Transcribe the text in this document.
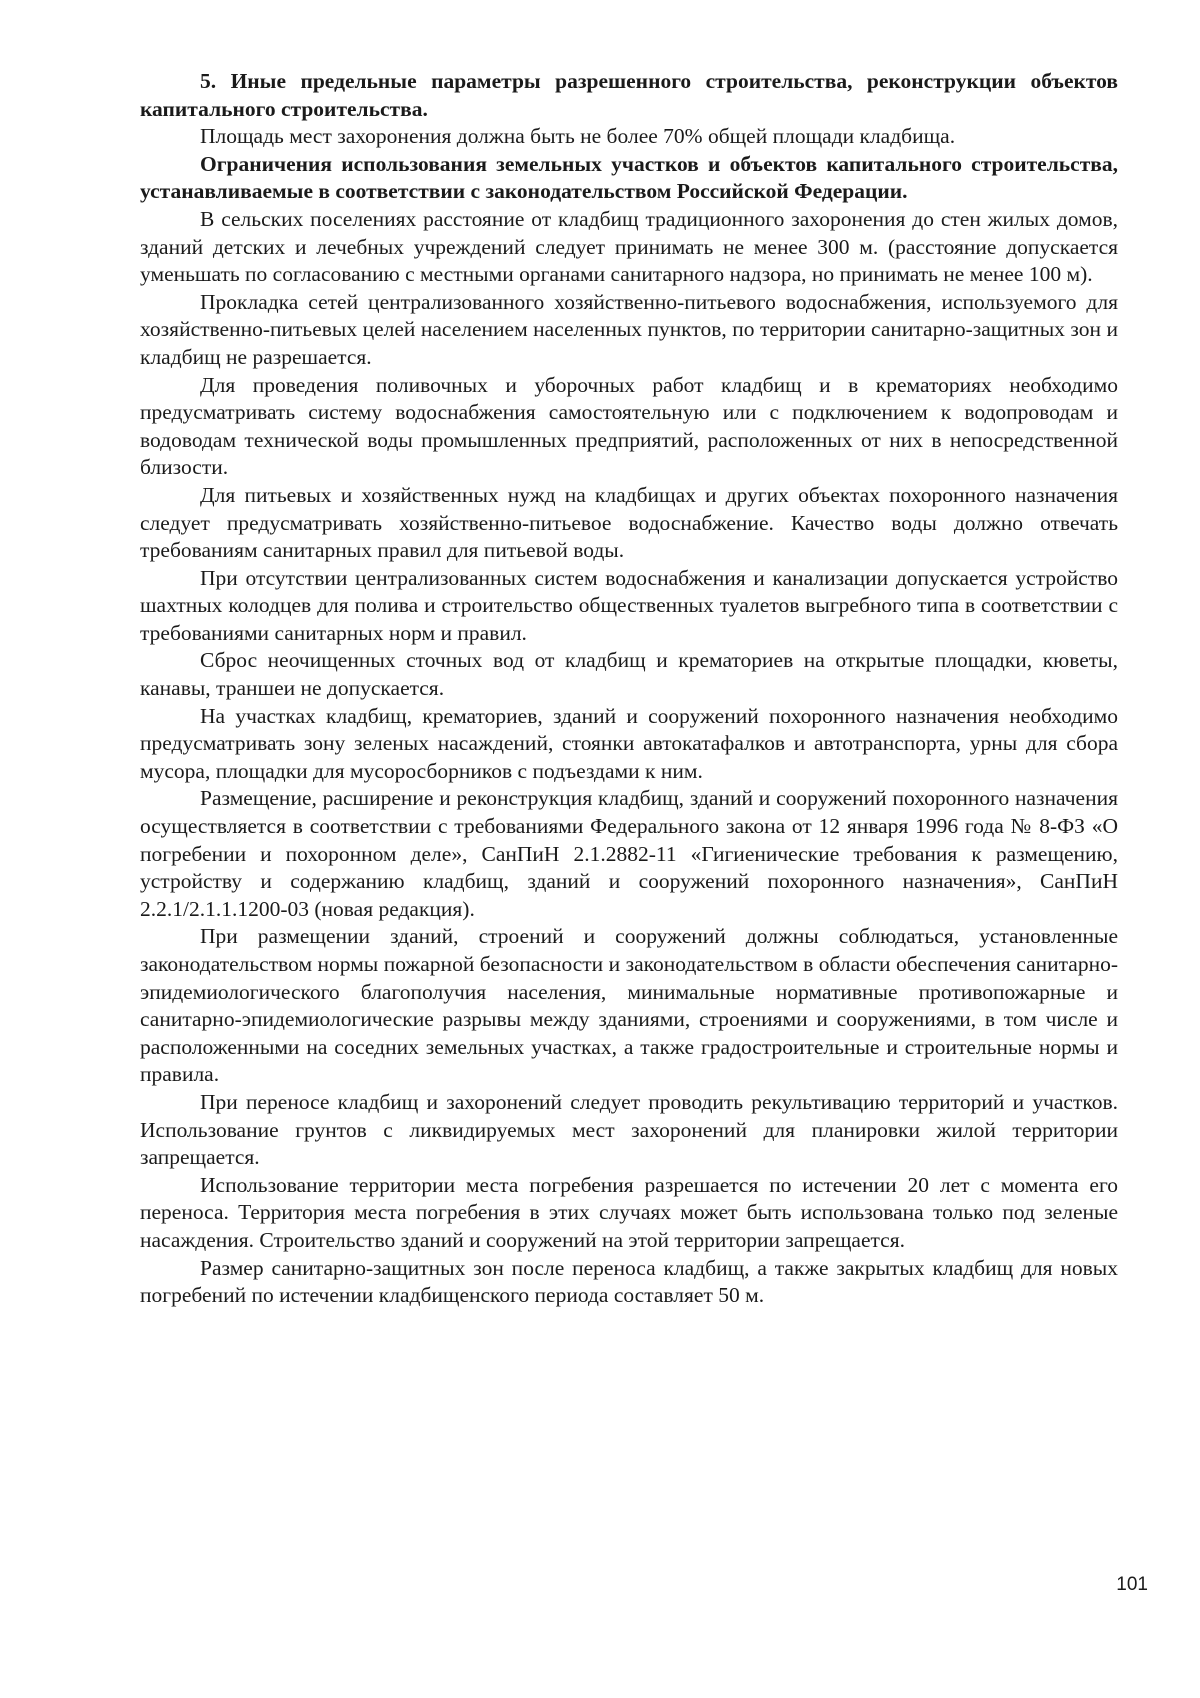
5. Иные предельные параметры разрешенного строительства, реконструкции объектов капитального строительства.

Площадь мест захоронения должна быть не более 70% общей площади кладбища.

Ограничения использования земельных участков и объектов капитального строительства, устанавливаемые в соответствии с законодательством Российской Федерации.

В сельских поселениях расстояние от кладбищ традиционного захоронения до стен жилых домов, зданий детских и лечебных учреждений следует принимать не менее 300 м. (расстояние допускается уменьшать по согласованию с местными органами санитарного надзора, но принимать не менее 100 м).

Прокладка сетей централизованного хозяйственно-питьевого водоснабжения, используемого для хозяйственно-питьевых целей населением населенных пунктов, по территории санитарно-защитных зон и кладбищ не разрешается.

Для проведения поливочных и уборочных работ кладбищ и в крематориях необходимо предусматривать систему водоснабжения самостоятельную или с подключением к водопроводам и водоводам технической воды промышленных предприятий, расположенных от них в непосредственной близости.

Для питьевых и хозяйственных нужд на кладбищах и других объектах похоронного назначения следует предусматривать хозяйственно-питьевое водоснабжение. Качество воды должно отвечать требованиям санитарных правил для питьевой воды.

При отсутствии централизованных систем водоснабжения и канализации допускается устройство шахтных колодцев для полива и строительство общественных туалетов выгребного типа в соответствии с требованиями санитарных норм и правил.

Сброс неочищенных сточных вод от кладбищ и крематориев на открытые площадки, кюветы, канавы, траншеи не допускается.

На участках кладбищ, крематориев, зданий и сооружений похоронного назначения необходимо предусматривать зону зеленых насаждений, стоянки автокатафалков и автотранспорта, урны для сбора мусора, площадки для мусоросборников с подъездами к ним.

Размещение, расширение и реконструкция кладбищ, зданий и сооружений похоронного назначения осуществляется в соответствии с требованиями Федерального закона от 12 января 1996 года № 8-ФЗ «О погребении и похоронном деле», СанПиН 2.1.2882-11 «Гигиенические требования к размещению, устройству и содержанию кладбищ, зданий и сооружений похоронного назначения», СанПиН 2.2.1/2.1.1.1200-03 (новая редакция).

При размещении зданий, строений и сооружений должны соблюдаться, установленные законодательством нормы пожарной безопасности и законодательством в области обеспечения санитарно-эпидемиологического благополучия населения, минимальные нормативные противопожарные и санитарно-эпидемиологические разрывы между зданиями, строениями и сооружениями, в том числе и расположенными на соседних земельных участках, а также градостроительные и строительные нормы и правила.

При переносе кладбищ и захоронений следует проводить рекультивацию территорий и участков. Использование грунтов с ликвидируемых мест захоронений для планировки жилой территории запрещается.

Использование территории места погребения разрешается по истечении 20 лет с момента его переноса. Территория места погребения в этих случаях может быть использована только под зеленые насаждения. Строительство зданий и сооружений на этой территории запрещается.

Размер санитарно-защитных зон после переноса кладбищ, а также закрытых кладбищ для новых погребений по истечении кладбищенского периода составляет 50 м.

101
